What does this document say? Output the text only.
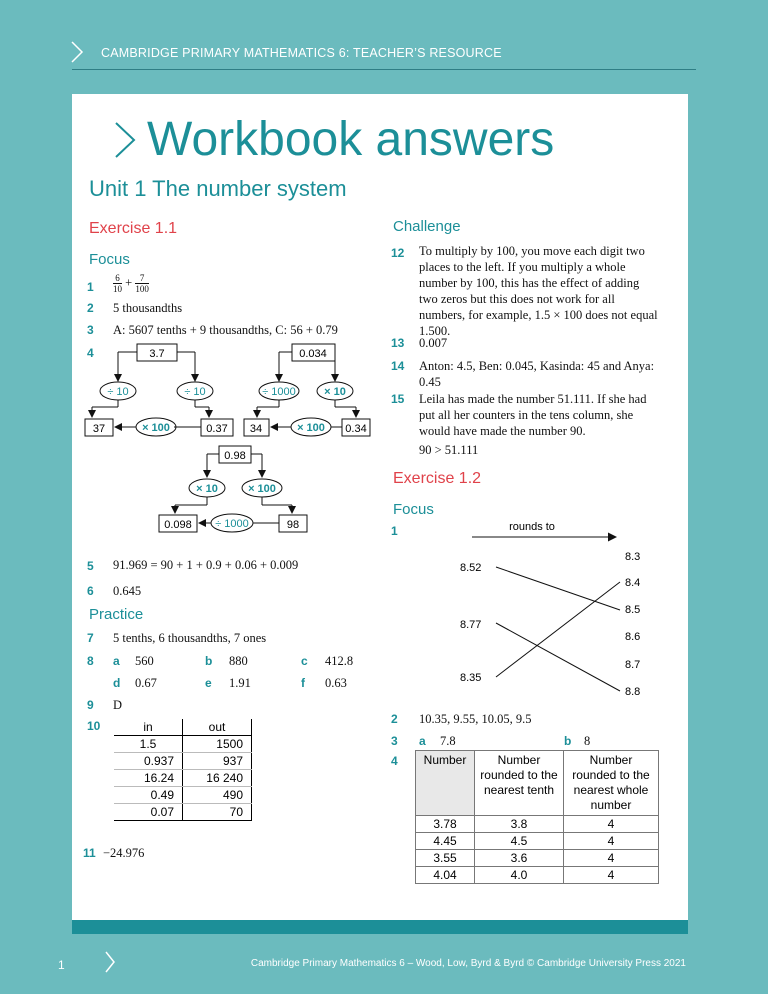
CAMBRIDGE PRIMARY MATHEMATICS 6: TEACHER’S RESOURCE
Workbook answers
Unit 1 The number system
Exercise 1.1
Focus
$1 \frac{6}{10} + \frac{7}{100}$
2 5 thousandths
3 A: 5607 tenths + 9 thousandths, C: 56 + 0.79
4	3.7
÷ 10	÷ 10
37	0.37
× 100
0.034
÷ 1000	× 10
34	0.34
× 100
0.98
× 10	× 100
0.098	98
÷ 1000
5 91.969 = 90 + 1 + 0.9 + 0.06 + 0.009
6 0.645
Practice
7 5 tenths, 6 thousandths, 7 ones
8 a 560	b 880	c 412.8
d 0.67	e 1.91	f 0.63
9 D
10	in	out
1.5	1500
0.937	937
16.24	16 240
0.49	490
0.07	70
11 −24.976
Challenge
12 To multiply by 100, you move each digit two places to the left. If you multiply a whole number by 100, this has the effect of adding two zeros but this does not work for all numbers, for example, 1.5 × 100 does not equal 1.500.
13 0.007
14 Anton: 4.5, Ben: 0.045, Kasinda: 45 and Anya: 0.45
15 Leila has made the number 51.111. If she had put all her counters in the tens column, she would have made the number 90.
90 > 51.111
Exercise 1.2
Focus
1	rounds to
8.52
8.77
8.35
8.3
8.4
8.5
8.6
8.7
8.8
2 10.35, 9.55, 10.05, 9.5
3 a 7.8	b 8
4 Number	Number rounded to the nearest tenth	Number rounded to the nearest whole number
3.78	3.8	4
4.45	4.5	4
3.55	3.6	4
4.04	4.0	4
1	Cambridge Primary Mathematics 6 – Wood, Low, Byrd & Byrd © Cambridge University Press 2021
